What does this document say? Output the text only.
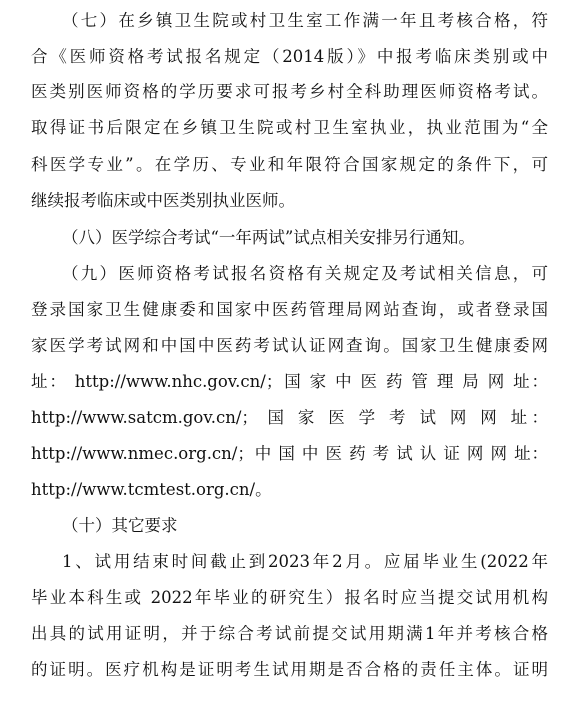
（七）在乡镇卫生院或村卫生室工作满一年且考核合格，符
合《医师资格考试报名规定（2014版）》中报考临床类别或中
医类别医师资格的学历要求可报考乡村全科助理医师资格考试。
取得证书后限定在乡镇卫生院或村卫生室执业，执业范围为“全
科医学专业”。在学历、专业和年限符合国家规定的条件下，可
继续报考临床或中医类别执业医师。
（八）医学综合考试“一年两试”试点相关安排另行通知。
（九）医师资格考试报名资格有关规定及考试相关信息，可
登录国家卫生健康委和国家中医药管理局网站查询，或者登录国
家医学考试网和中国中医药考试认证网查询。国家卫生健康委网
址： http://www.nhc.gov.cn/；国 家 中 医 药 管 理 局 网 址：
http://www.satcm.gov.cn/； 国 家 医 学 考 试 网 网 址：
http://www.nmec.org.cn/；中 国 中 医 药 考 试 认 证 网 网 址：
http://www.tcmtest.org.cn/。
（十）其它要求
1、试用结束时间截止到2023年2月。应届毕业生(2022年
毕业本科生或 2022年毕业的研究生）报名时应当提交试用机构
出具的试用证明，并于综合考试前提交试用期满1年并考核合格
的证明。医疗机构是证明考生试用期是否合格的责任主体。证明
